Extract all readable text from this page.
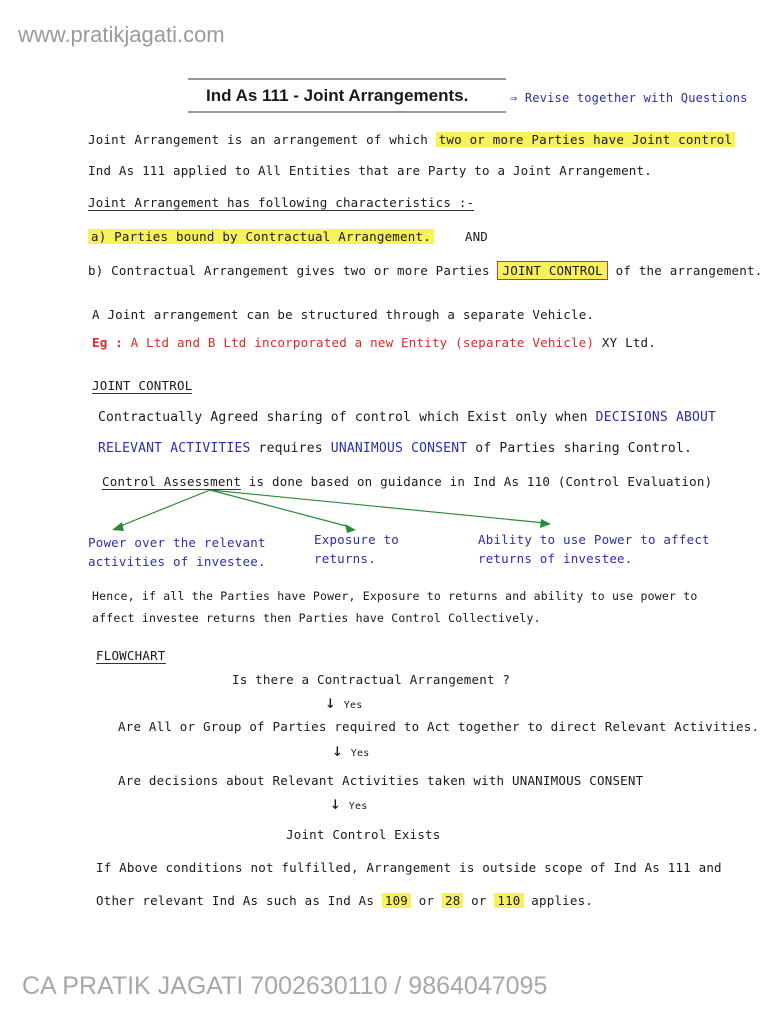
www.pratikjagati.com
Ind As 111 - Joint Arrangements.	⇒ Revise together with Questions
Joint Arrangement is an arrangement of which two or more Parties have Joint control
Ind As 111 applied to All Entities that are Party to a Joint Arrangement.
Joint Arrangement has following characteristics :-
a) Parties bound by Contractual Arrangement.	AND
b) Contractual Arrangement gives two or more Parties JOINT CONTROL of the arrangement.
A Joint arrangement can be structured through a separate Vehicle.
Eg : A Ltd and B Ltd incorporated a new Entity (separate Vehicle) XY Ltd.
JOINT CONTROL
Contractually Agreed sharing of control which Exist only when DECISIONS ABOUT
RELEVANT ACTIVITIES requires UNANIMOUS CONSENT of Parties sharing Control.
Control Assessment is done based on guidance in Ind As 110 (Control Evaluation)
Power over the relevant
activities of investee.
Exposure to
returns.
Ability to use Power to affect
returns of investee.
Hence, if all the Parties have Power, Exposure to returns and ability to use power to
affect investee returns then Parties have Control Collectively.
FLOWCHART
Is there a Contractual Arrangement ?
↓ Yes
Are All or Group of Parties required to Act together to direct Relevant Activities.
↓ Yes
Are decisions about Relevant Activities taken with UNANIMOUS CONSENT
↓ Yes
Joint Control Exists
If Above conditions not fulfilled, Arrangement is outside scope of Ind As 111 and
Other relevant Ind As such as Ind As 109 or 28 or 110 applies.
CA PRATIK JAGATI 7002630110 / 9864047095
